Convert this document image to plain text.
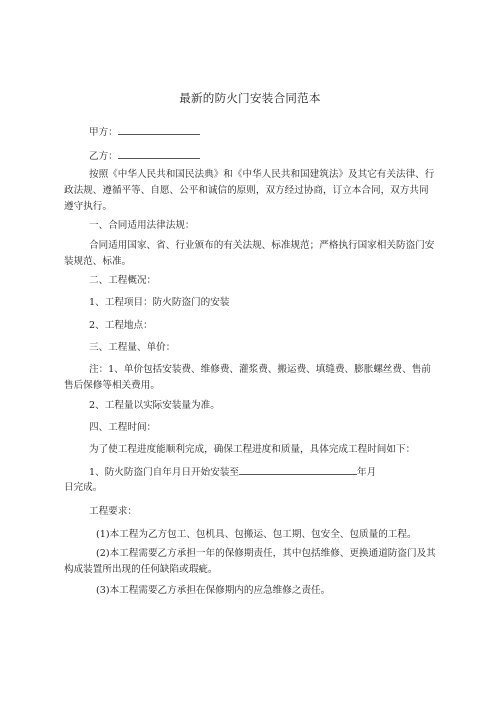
最新的防火门安装合同范本
甲方：
乙方：
按照《中华人民共和国民法典》和《中华人民共和国建筑法》及其它有关法律、行政法规、遵循平等、自愿、公平和诚信的原则，双方经过协商，订立本合同，双方共同遵守执行。
一、合同适用法律法规：
合同适用国家、省、行业颁布的有关法规、标准规范；严格执行国家相关防盗门安装规范、标准。
二、工程概况：
1、工程项目：防火防盗门的安装
2、工程地点：
三、工程量、单价：
注：1、单价包括安装费、维修费、灌浆费、搬运费、填缝费、膨胀螺丝费、售前售后保修等相关费用。
2、工程量以实际安装量为准。
四、工程时间：
为了使工程进度能顺利完成，确保工程进度和质量，具体完成工程时间如下：
1、防火防盗门自年月日开始安装至	年月
日完成。
工程要求：
(1)本工程为乙方包工、包机具、包搬运、包工期、包安全、包质量的工程。
(2)本工程需要乙方承担一年的保修期责任，其中包括维修、更换通道防盗门及其构成装置所出现的任何缺陷或瑕疵。
(3)本工程需要乙方承担在保修期内的应急维修之责任。
